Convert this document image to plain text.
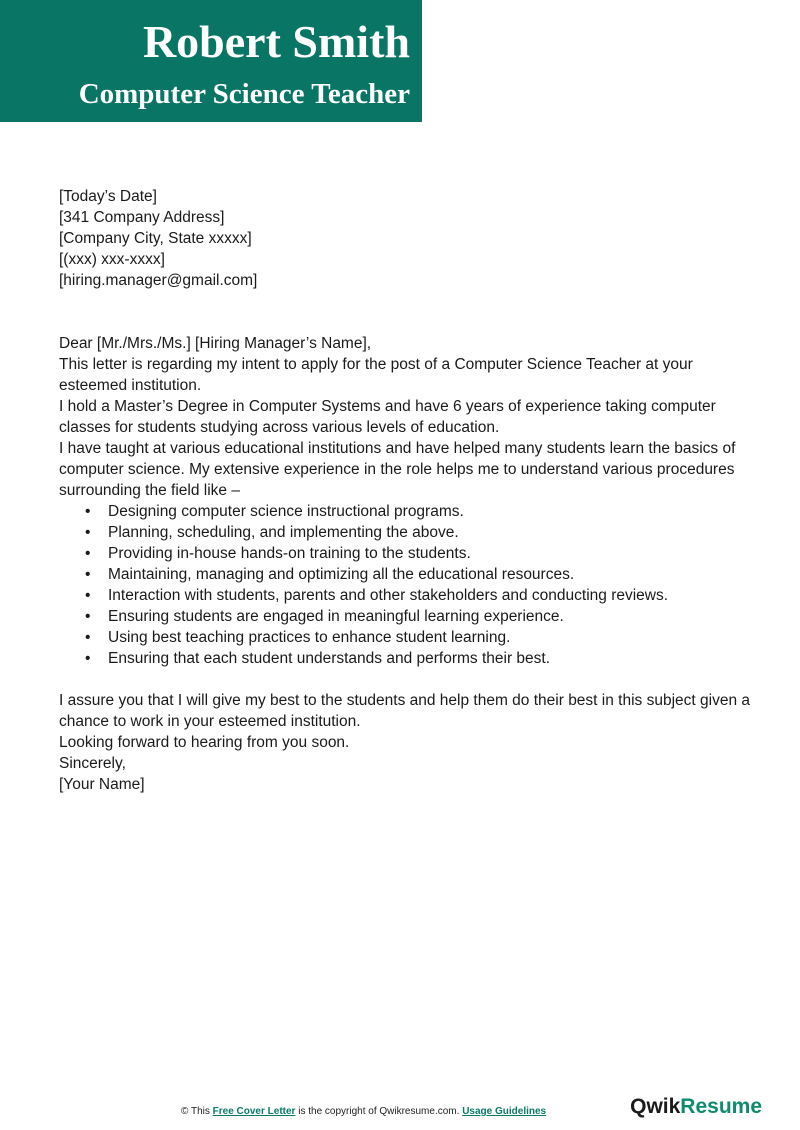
Robert Smith
Computer Science Teacher

[Today’s Date]

[341 Company Address]
[Company City, State xxxxx]
[(xxx) xxx-xxxx]
[hiring.manager@gmail.com]

Dear [Mr./Mrs./Ms.] [Hiring Manager’s Name],

This letter is regarding my intent to apply for the post of a Computer Science Teacher at your esteemed institution.

I hold a Master’s Degree in Computer Systems and have 6 years of experience taking computer classes for students studying across various levels of education.

I have taught at various educational institutions and have helped many students learn the basics of computer science. My extensive experience in the role helps me to understand various procedures surrounding the field like –

• Designing computer science instructional programs.
• Planning, scheduling, and implementing the above.
• Providing in-house hands-on training to the students.
• Maintaining, managing and optimizing all the educational resources.
• Interaction with students, parents and other stakeholders and conducting reviews.
• Ensuring students are engaged in meaningful learning experience.
• Using best teaching practices to enhance student learning.
• Ensuring that each student understands and performs their best.

I assure you that I will give my best to the students and help them do their best in this subject given a chance to work in your esteemed institution.

Looking forward to hearing from you soon.

Sincerely,
[Your Name]
© This Free Cover Letter is the copyright of Qwikresume.com. Usage Guidelines	QwikResume
